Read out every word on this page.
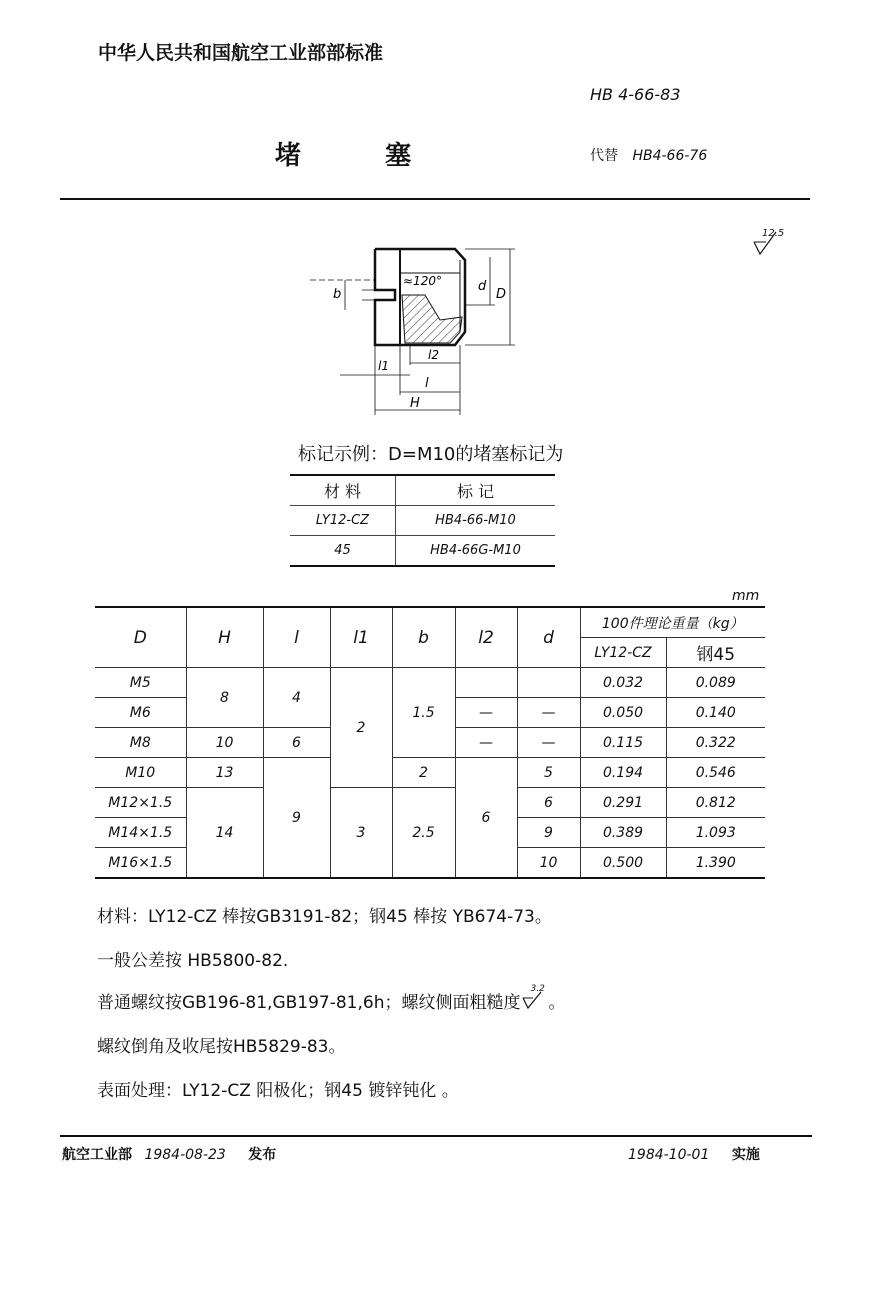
中华人民共和国航空工业部部标准
HB 4-66-83
堵  塞	代替 HB4-66-76
12.5
≈120°
b
d
D
l1
l2
l
H
标记示例：D=M10的堵塞标记为
材 料	标 记
LY12-CZ	HB4-66-M10
45	HB4-66G-M10
mm
D	H	l	l1	b	l2	d	100件理论重量（kg）	
							LY12-CZ	钢45
M5	8	4	2	1.5			0.032	0.089
M6					—	—	0.050	0.140
M8	10	6			—	—	0.115	0.322
M10	13	9		2	6	5	0.194	0.546
M12×1.5	14		3	2.5		6	0.291	0.812
M14×1.5						9	0.389	1.093
M16×1.5						10	0.500	1.390
材料：LY12-CZ 棒按GB3191-82；钢45 棒按 YB674-73。
一般公差按 HB5800-82.
普通螺纹按GB196-81,GB197-81,6h；螺纹侧面粗糙度
3.2
。
螺纹倒角及收尾按HB5829-83。
表面处理：LY12-CZ 阳极化；钢45 镀锌钝化 。
航空工业部 1984-08-23 发布	1984-10-01 实施
